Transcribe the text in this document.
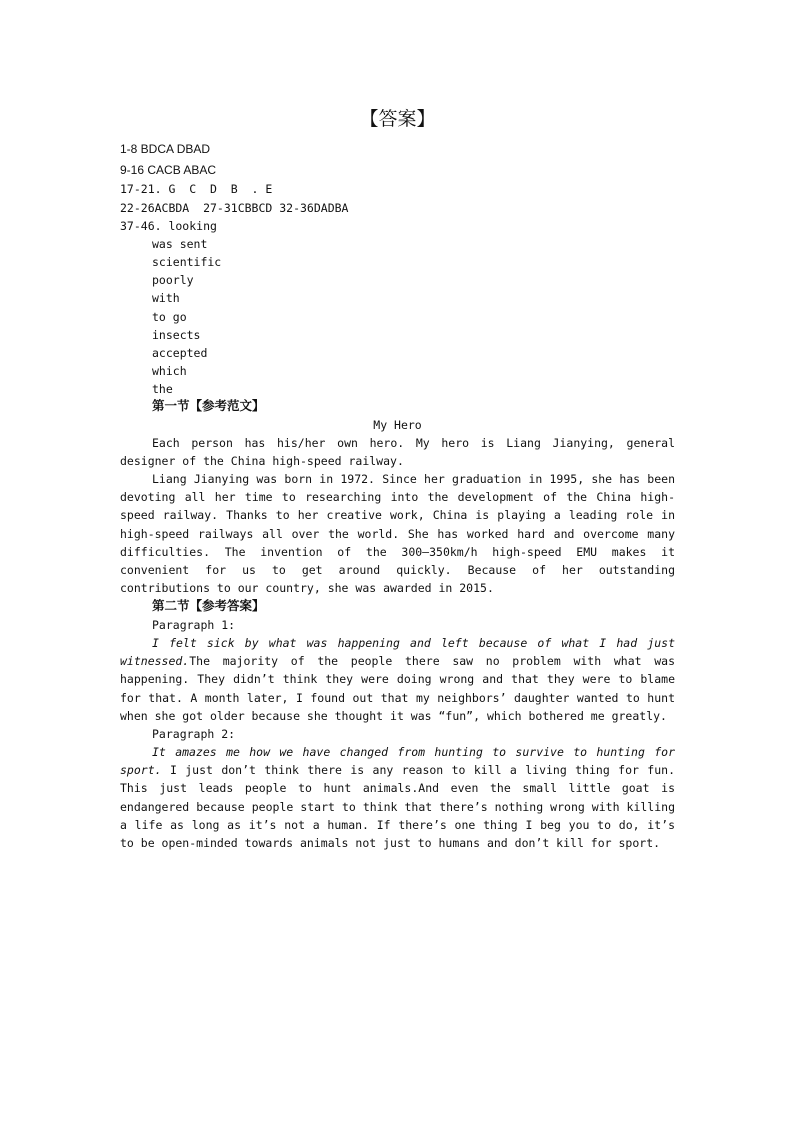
【答案】
1-8 BDCA DBAD
9-16 CACB ABAC
17-21. G  C  D  B  . E
22-26ACBDA  27-31CBBCD 32-36DADBA
37-46. looking
was sent
scientific
poorly
with
to go
insects
accepted
which
the
第一节【参考范文】
My Hero
Each person has his/her own hero. My hero is Liang Jianying, general designer of the China high-speed railway.
Liang Jianying was born in 1972. Since her graduation in 1995, she has been devoting all her time to researching into the development of the China high-speed railway. Thanks to her creative work, China is playing a leading role in high-speed railways all over the world. She has worked hard and overcome many difficulties. The invention of the 300—350km/h high-speed EMU makes it convenient for us to get around quickly. Because of her outstanding contributions to our country, she was awarded in 2015.
第二节【参考答案】
Paragraph 1:
I felt sick by what was happening and left because of what I had just witnessed.The majority of the people there saw no problem with what was happening. They didn’t think they were doing wrong and that they were to blame for that. A month later, I found out that my neighbors’ daughter wanted to hunt when she got older because she thought it was “fun”, which bothered me greatly.
Paragraph 2:
It amazes me how we have changed from hunting to survive to hunting for sport. I just don’t think there is any reason to kill a living thing for fun. This just leads people to hunt animals.And even the small little goat is endangered because people start to think that there’s nothing wrong with killing a life as long as it’s not a human. If there’s one thing I beg you to do, it’s to be open-minded towards animals not just to humans and don’t kill for sport.
